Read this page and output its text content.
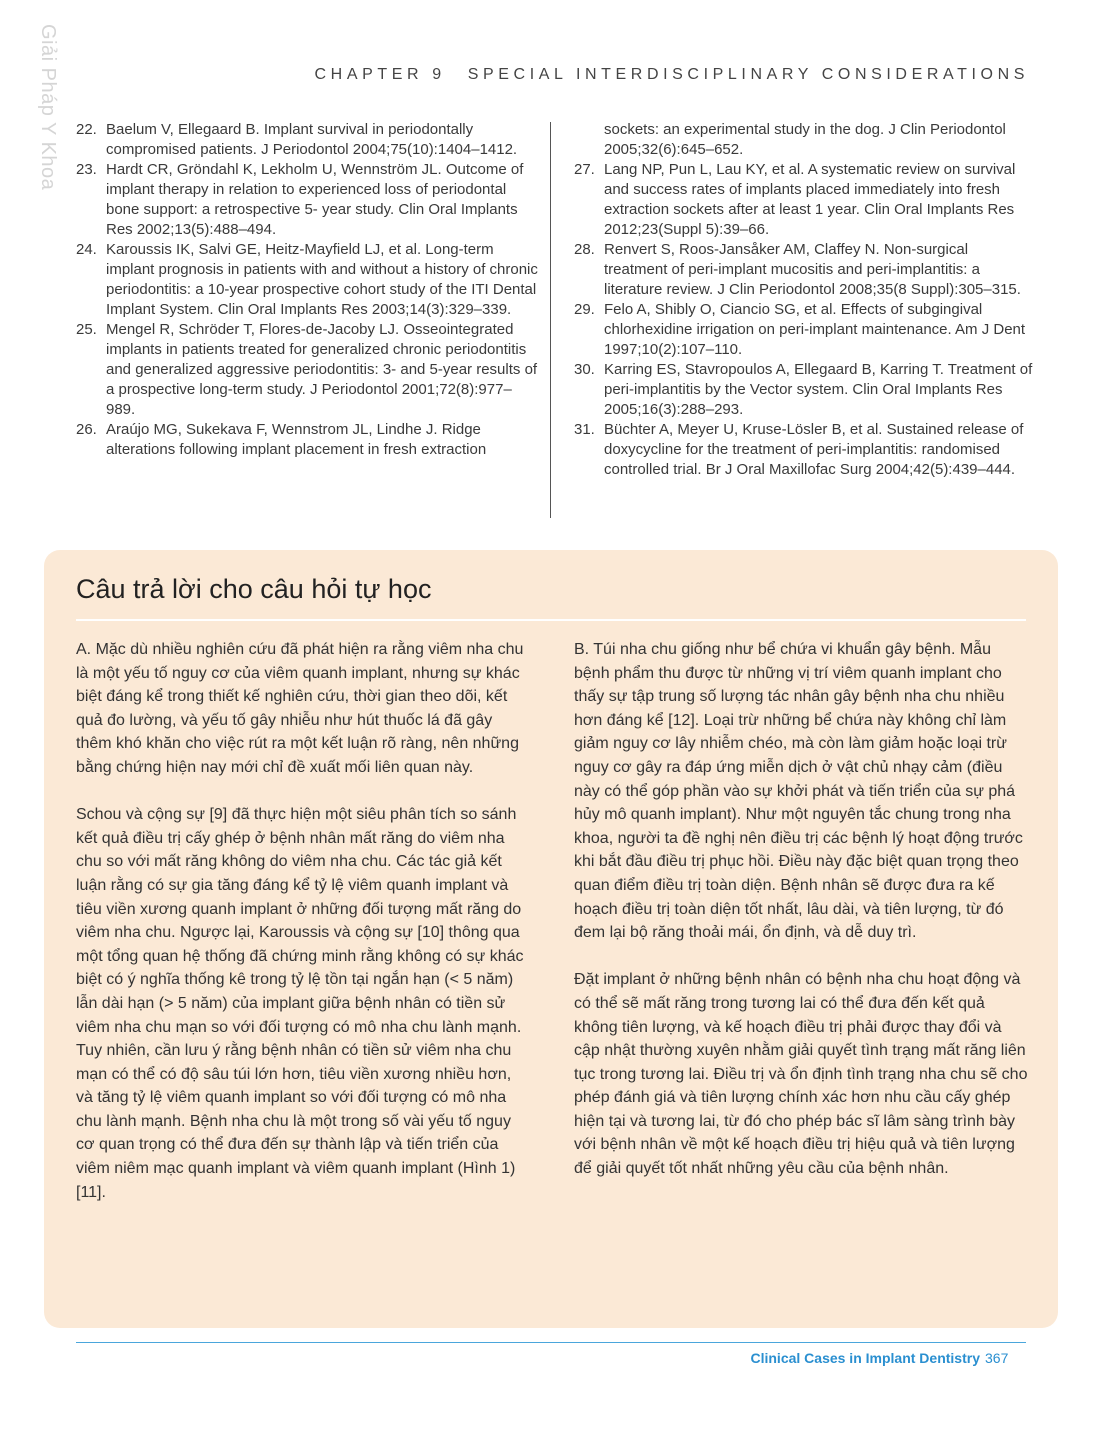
Giải Pháp Y Khoa	CHAPTER 9 SPECIAL INTERDISCIPLINARY CONSIDERATIONS
22. Baelum V, Ellegaard B. Implant survival in periodontally compromised patients. J Periodontol 2004;75(10):1404–1412.
23. Hardt CR, Gröndahl K, Lekholm U, Wennström JL. Outcome of implant therapy in relation to experienced loss of periodontal bone support: a retrospective 5- year study. Clin Oral Implants Res 2002;13(5):488–494.
24. Karoussis IK, Salvi GE, Heitz-Mayfield LJ, et al. Long-term implant prognosis in patients with and without a history of chronic periodontitis: a 10-year prospective cohort study of the ITI Dental Implant System. Clin Oral Implants Res 2003;14(3):329–339.
25. Mengel R, Schröder T, Flores-de-Jacoby LJ. Osseointegrated implants in patients treated for generalized chronic periodontitis and generalized aggressive periodontitis: 3- and 5-year results of a prospective long-term study. J Periodontol 2001;72(8):977–989.
26. Araújo MG, Sukekava F, Wennstrom JL, Lindhe J. Ridge alterations following implant placement in fresh extraction
sockets: an experimental study in the dog. J Clin Periodontol 2005;32(6):645–652.
27. Lang NP, Pun L, Lau KY, et al. A systematic review on survival and success rates of implants placed immediately into fresh extraction sockets after at least 1 year. Clin Oral Implants Res 2012;23(Suppl 5):39–66.
28. Renvert S, Roos-Jansåker AM, Claffey N. Non-surgical treatment of peri-implant mucositis and peri-implantitis: a literature review. J Clin Periodontol 2008;35(8 Suppl):305–315.
29. Felo A, Shibly O, Ciancio SG, et al. Effects of subgingival chlorhexidine irrigation on peri-implant maintenance. Am J Dent 1997;10(2):107–110.
30. Karring ES, Stavropoulos A, Ellegaard B, Karring T. Treatment of peri-implantitis by the Vector system. Clin Oral Implants Res 2005;16(3):288–293.
31. Büchter A, Meyer U, Kruse-Lösler B, et al. Sustained release of doxycycline for the treatment of peri-implantitis: randomised controlled trial. Br J Oral Maxillofac Surg 2004;42(5):439–444.
Câu trả lời cho câu hỏi tự học

A. Mặc dù nhiều nghiên cứu đã phát hiện ra rằng viêm nha chu là một yếu tố nguy cơ của viêm quanh implant, nhưng sự khác biệt đáng kể trong thiết kế nghiên cứu, thời gian theo dõi, kết quả đo lường, và yếu tố gây nhiễu như hút thuốc lá đã gây thêm khó khăn cho việc rút ra một kết luận rõ ràng, nên những bằng chứng hiện nay mới chỉ đề xuất mối liên quan này.

Schou và cộng sự [9] đã thực hiện một siêu phân tích so sánh kết quả điều trị cấy ghép ở bệnh nhân mất răng do viêm nha chu so với mất răng không do viêm nha chu. Các tác giả kết luận rằng có sự gia tăng đáng kể tỷ lệ viêm quanh implant và tiêu viền xương quanh implant ở những đối tượng mất răng do viêm nha chu. Ngược lại, Karoussis và cộng sự [10] thông qua một tổng quan hệ thống đã chứng minh rằng không có sự khác biệt có ý nghĩa thống kê trong tỷ lệ tồn tại ngắn hạn (< 5 năm) lẫn dài hạn (> 5 năm) của implant giữa bệnh nhân có tiền sử viêm nha chu mạn so với đối tượng có mô nha chu lành mạnh. Tuy nhiên, cần lưu ý rằng bệnh nhân có tiền sử viêm nha chu mạn có thể có độ sâu túi lớn hơn, tiêu viền xương nhiều hơn, và tăng tỷ lệ viêm quanh implant so với đối tượng có mô nha chu lành mạnh. Bệnh nha chu là một trong số vài yếu tố nguy cơ quan trọng có thể đưa đến sự thành lập và tiến triển của viêm niêm mạc quanh implant và viêm quanh implant (Hình 1) [11].

B. Túi nha chu giống như bể chứa vi khuẩn gây bệnh. Mẫu bệnh phẩm thu được từ những vị trí viêm quanh implant cho thấy sự tập trung số lượng tác nhân gây bệnh nha chu nhiều hơn đáng kể [12]. Loại trừ những bể chứa này không chỉ làm giảm nguy cơ lây nhiễm chéo, mà còn làm giảm hoặc loại trừ nguy cơ gây ra đáp ứng miễn dịch ở vật chủ nhạy cảm (điều này có thể góp phần vào sự khởi phát và tiến triển của sự phá hủy mô quanh implant). Như một nguyên tắc chung trong nha khoa, người ta đề nghị nên điều trị các bệnh lý hoạt động trước khi bắt đầu điều trị phục hồi. Điều này đặc biệt quan trọng theo quan điểm điều trị toàn diện. Bệnh nhân sẽ được đưa ra kế hoạch điều trị toàn diện tốt nhất, lâu dài, và tiên lượng, từ đó đem lại bộ răng thoải mái, ổn định, và dễ duy trì.

Đặt implant ở những bệnh nhân có bệnh nha chu hoạt động và có thể sẽ mất răng trong tương lai có thể đưa đến kết quả không tiên lượng, và kế hoạch điều trị phải được thay đổi và cập nhật thường xuyên nhằm giải quyết tình trạng mất răng liên tục trong tương lai. Điều trị và ổn định tình trạng nha chu sẽ cho phép đánh giá và tiên lượng chính xác hơn nhu cầu cấy ghép hiện tại và tương lai, từ đó cho phép bác sĩ lâm sàng trình bày với bệnh nhân về một kế hoạch điều trị hiệu quả và tiên lượng để giải quyết tốt nhất những yêu cầu của bệnh nhân.

Clinical Cases in Implant Dentistry 367
